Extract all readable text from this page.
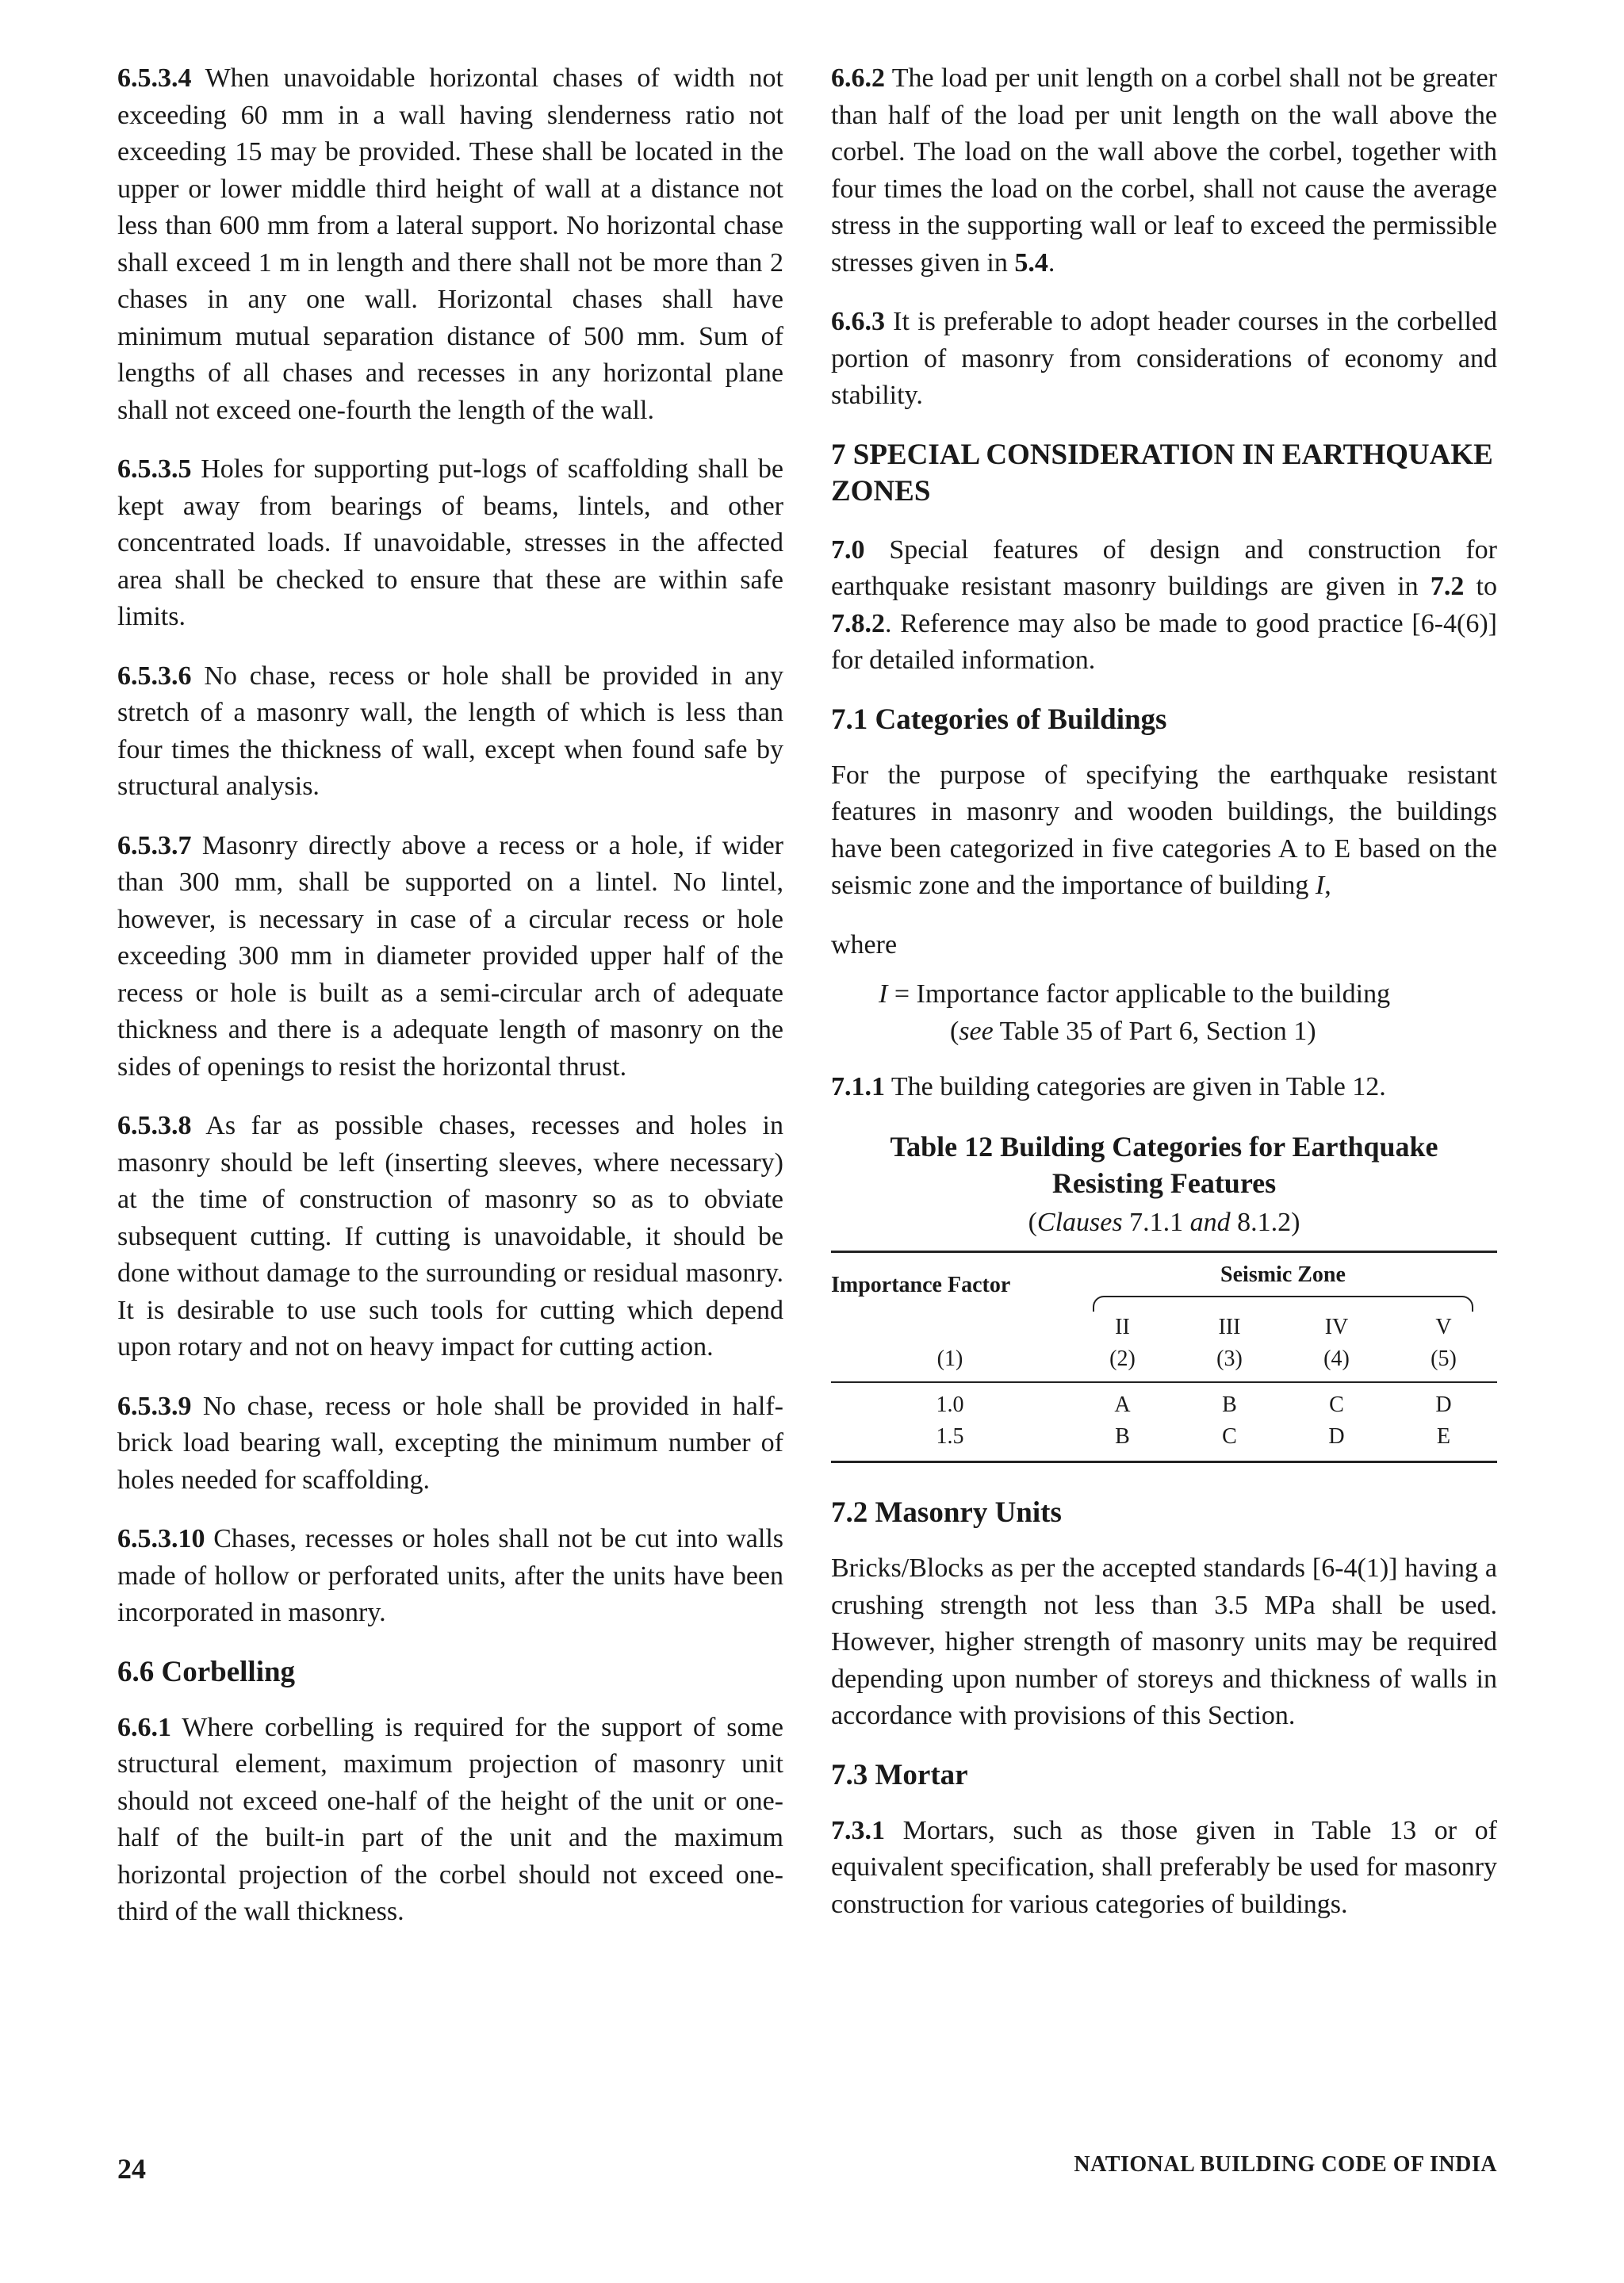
6.5.3.4 When unavoidable horizontal chases of width not exceeding 60 mm in a wall having slenderness ratio not exceeding 15 may be provided. These shall be located in the upper or lower middle third height of wall at a distance not less than 600 mm from a lateral support. No horizontal chase shall exceed 1 m in length and there shall not be more than 2 chases in any one wall. Horizontal chases shall have minimum mutual separation distance of 500 mm. Sum of lengths of all chases and recesses in any horizontal plane shall not exceed one-fourth the length of the wall.

6.5.3.5 Holes for supporting put-logs of scaffolding shall be kept away from bearings of beams, lintels, and other concentrated loads. If unavoidable, stresses in the affected area shall be checked to ensure that these are within safe limits.

6.5.3.6 No chase, recess or hole shall be provided in any stretch of a masonry wall, the length of which is less than four times the thickness of wall, except when found safe by structural analysis.

6.5.3.7 Masonry directly above a recess or a hole, if wider than 300 mm, shall be supported on a lintel. No lintel, however, is necessary in case of a circular recess or hole exceeding 300 mm in diameter provided upper half of the recess or hole is built as a semi-circular arch of adequate thickness and there is a adequate length of masonry on the sides of openings to resist the horizontal thrust.

6.5.3.8 As far as possible chases, recesses and holes in masonry should be left (inserting sleeves, where necessary) at the time of construction of masonry so as to obviate subsequent cutting. If cutting is unavoidable, it should be done without damage to the surrounding or residual masonry. It is desirable to use such tools for cutting which depend upon rotary and not on heavy impact for cutting action.

6.5.3.9 No chase, recess or hole shall be provided in half-brick load bearing wall, excepting the minimum number of holes needed for scaffolding.

6.5.3.10 Chases, recesses or holes shall not be cut into walls made of hollow or perforated units, after the units have been incorporated in masonry.

6.6 Corbelling

6.6.1 Where corbelling is required for the support of some structural element, maximum projection of masonry unit should not exceed one-half of the height of the unit or one-half of the built-in part of the unit and the maximum horizontal projection of the corbel should not exceed one-third of the wall thickness.

6.6.2 The load per unit length on a corbel shall not be greater than half of the load per unit length on the wall above the corbel. The load on the wall above the corbel, together with four times the load on the corbel, shall not cause the average stress in the supporting wall or leaf to exceed the permissible stresses given in 5.4.

6.6.3 It is preferable to adopt header courses in the corbelled portion of masonry from considerations of economy and stability.

7 SPECIAL CONSIDERATION IN EARTHQUAKE ZONES

7.0 Special features of design and construction for earthquake resistant masonry buildings are given in 7.2 to 7.8.2. Reference may also be made to good practice [6-4(6)] for detailed information.

7.1 Categories of Buildings

For the purpose of specifying the earthquake resistant features in masonry and wooden buildings, the buildings have been categorized in five categories A to E based on the seismic zone and the importance of building I,

where

I = Importance factor applicable to the building
(see Table 35 of Part 6, Section 1)

7.1.1 The building categories are given in Table 12.

Table 12 Building Categories for Earthquake
Resisting Features
(Clauses 7.1.1 and 8.1.2)
Importance Factor	Seismic Zone			

	II	III	IV	V
(1)	(2)	(3)	(4)	(5)
1.0	A	B	C	D
1.5	B	C	D	E
7.2 Masonry Units

Bricks/Blocks as per the accepted standards [6-4(1)] having a crushing strength not less than 3.5 MPa shall be used. However, higher strength of masonry units may be required depending upon number of storeys and thickness of walls in accordance with provisions of this Section.

7.3 Mortar

7.3.1 Mortars, such as those given in Table 13 or of equivalent specification, shall preferably be used for masonry construction for various categories of buildings.

24	NATIONAL BUILDING CODE OF INDIA
